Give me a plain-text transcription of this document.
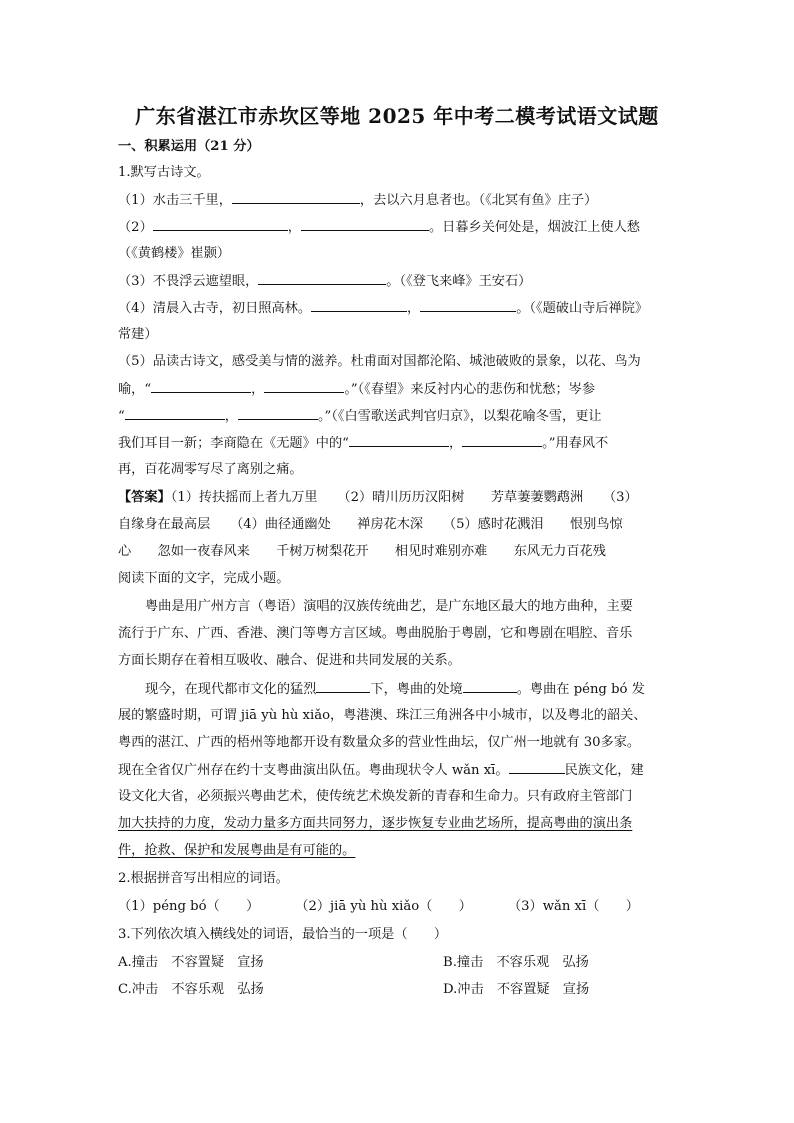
广东省湛江市赤坎区等地 2025 年中考二模考试语文试题
一、积累运用（21 分）
1.默写古诗文。
（1）水击三千里，	，去以六月息者也。（《北冥有鱼》庄子）
（2）	，	。日暮乡关何处是，烟波江上使人愁
（《黄鹤楼》崔颢）
（3）不畏浮云遮望眼，	。（《登飞来峰》王安石）
（4）清晨入古寺，初日照高林。	，	。（《题破山寺后禅院》
常建）
（5）品读古诗文，感受美与情的滋养。杜甫面对国都沦陷、城池破败的景象，以花、鸟为
喻，“	，	。”（《春望》来反衬内心的悲伤和忧愁；岑参
“	，	。”（《白雪歌送武判官归京》，以梨花喻冬雪，更让
我们耳目一新；李商隐在《无题》中的“	，	。”用春风不
再，百花凋零写尽了离别之痛。
【答案】（1）抟扶摇而上者九万里　　（2）晴川历历汉阳树　　芳草萋萋鹦鹉洲　　（3）
自缘身在最高层　　（4）曲径通幽处　　禅房花木深　　（5）感时花溅泪　　恨别鸟惊
心　　忽如一夜春风来　　千树万树梨花开　　相见时难别亦难　　东风无力百花残
阅读下面的文字，完成小题。
粤曲是用广州方言（粤语）演唱的汉族传统曲艺，是广东地区最大的地方曲种，主要
流行于广东、广西、香港、澳门等粤方言区域。粤曲脱胎于粤剧，它和粤剧在唱腔、音乐
方面长期存在着相互吸收、融合、促进和共同发展的关系。
现今，在现代都市文化的猛烈	下，粤曲的处境	。粤曲在 péng bó 发
展的繁盛时期，可谓 jiā yù hù xiǎo，粤港澳、珠江三角洲各中小城市，以及粤北的韶关、
粤西的湛江、广西的梧州等地都开设有数量众多的营业性曲坛，仅广州一地就有 30多家。
现在全省仅广州存在约十支粤曲演出队伍。粤曲现状令人 wǎn xī。	民族文化，建
设文化大省，必须振兴粤曲艺术，使传统艺术焕发新的青春和生命力。只有政府主管部门
加大扶持的力度，发动力量多方面共同努力，逐步恢复专业曲艺场所，提高粤曲的演出条
件，抢救、保护和发展粤曲是有可能的。
2.根据拼音写出相应的词语。
（1）péng bó（　　）	（2）jiā yù hù xiǎo（　　）	（3）wǎn xī（　　）
3.下列依次填入横线处的词语，最恰当的一项是（　　）
A.撞击　不容置疑　宣扬	B.撞击　不容乐观　弘扬
C.冲击　不容乐观　弘扬	D.冲击　不容置疑　宣扬
